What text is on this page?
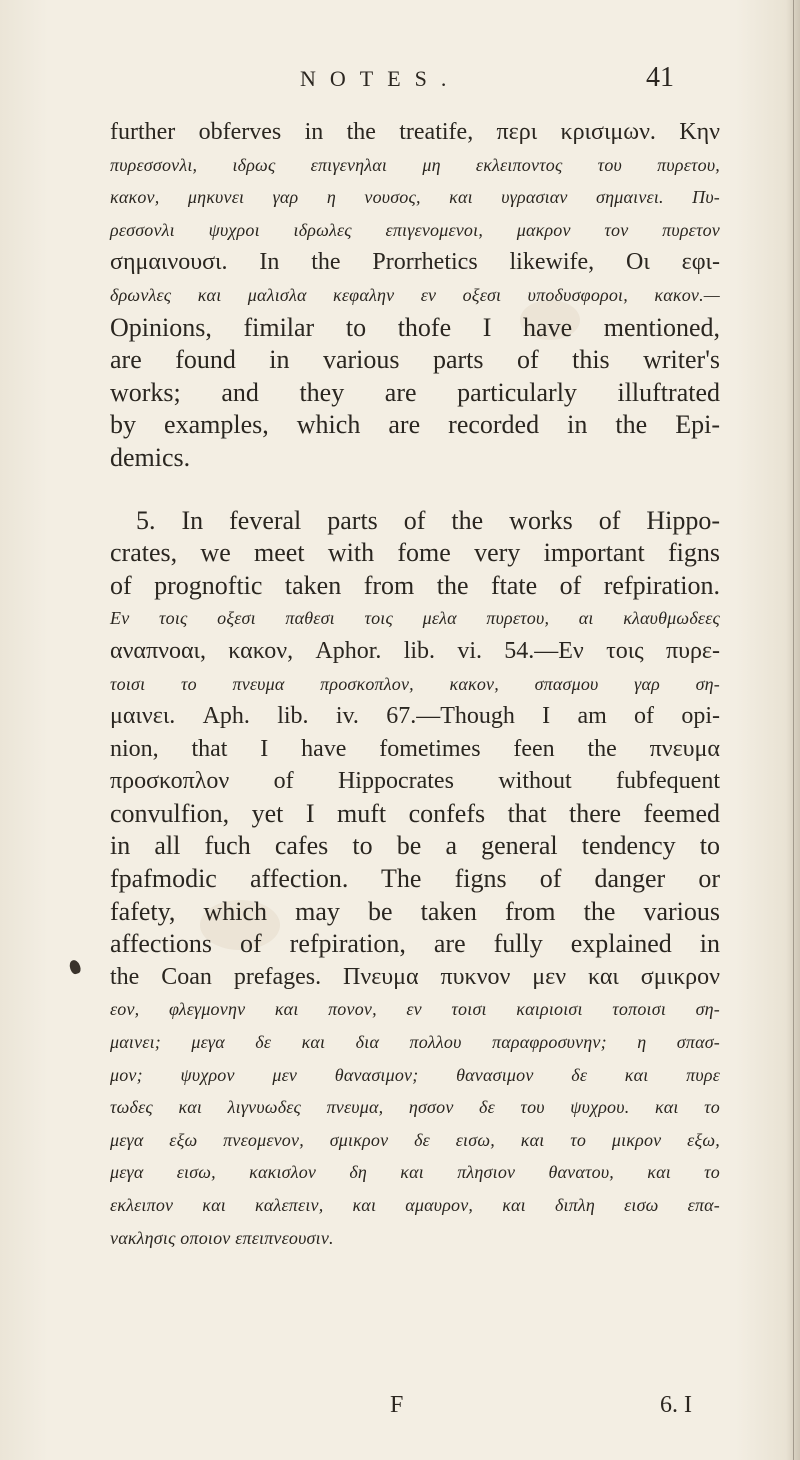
NOTES.	41
further obferves in the treatife, περι κρισιμων. Κην
πυρεσσονλι, ιδρως επιγενηλαι μη εκλειποντος του πυρετου,
κακον, μηκυνει γαρ η νουσος, και υγρασιαν σημαινει. Πυ-
ρεσσονλι ψυχροι ιδρωλες επιγενομενοι, μακρον τον πυρετον
σημαινουσι. In the Prorrhetics likewife, Οι εφι-
δρωνλες και μαλισλα κεφαλην εν οξεσι υποδυσφοροι, κακον.—
Opinions, fimilar to thofe I have mentioned,
are found in various parts of this writer's
works; and they are particularly illuftrated
by examples, which are recorded in the Epi-
demics.
5. In feveral parts of the works of Hippo-
crates, we meet with fome very important figns
of prognoftic taken from the ftate of refpiration.
Εν τοις οξεσι παθεσι τοις μελα πυρετου, αι κλαυθμωδεες
αναπνοαι, κακον, Aphor. lib. vi. 54.—Εν τοις πυρε-
τοισι το πνευμα προσκοπλον, κακον, σπασμου γαρ ση-
μαινει. Aph. lib. iv. 67.—Though I am of opi-
nion, that I have fometimes feen the πνευμα
προσκοπλον of Hippocrates without fubfequent
convulfion, yet I muft confefs that there feemed
in all fuch cafes to be a general tendency to
fpafmodic affection. The figns of danger or
fafety, which may be taken from the various
affections of refpiration, are fully explained in
the Coan prefages. Πνευμα πυκνον μεν και σμικρον
εον, φλεγμονην και πονον, εν τοισι καιριοισι τοποισι ση-
μαινει; μεγα δε και δια πολλου παραφροσυνην; η σπασ-
μον; ψυχρον μεν θανασιμον; θανασιμον δε και πυρε
τωδες και λιγνυωδες πνευμα, ησσον δε του ψυχρου. και το
μεγα εξω πνεομενον, σμικρον δε εισω, και το μικρον εξω,
μεγα εισω, κακισλον δη και πλησιον θανατου, και το
εκλειπον και καλεπειν, και αμαυρον, και διπλη εισω επα-
νακλησις οποιον επειπνεουσιν.
F	6. I
